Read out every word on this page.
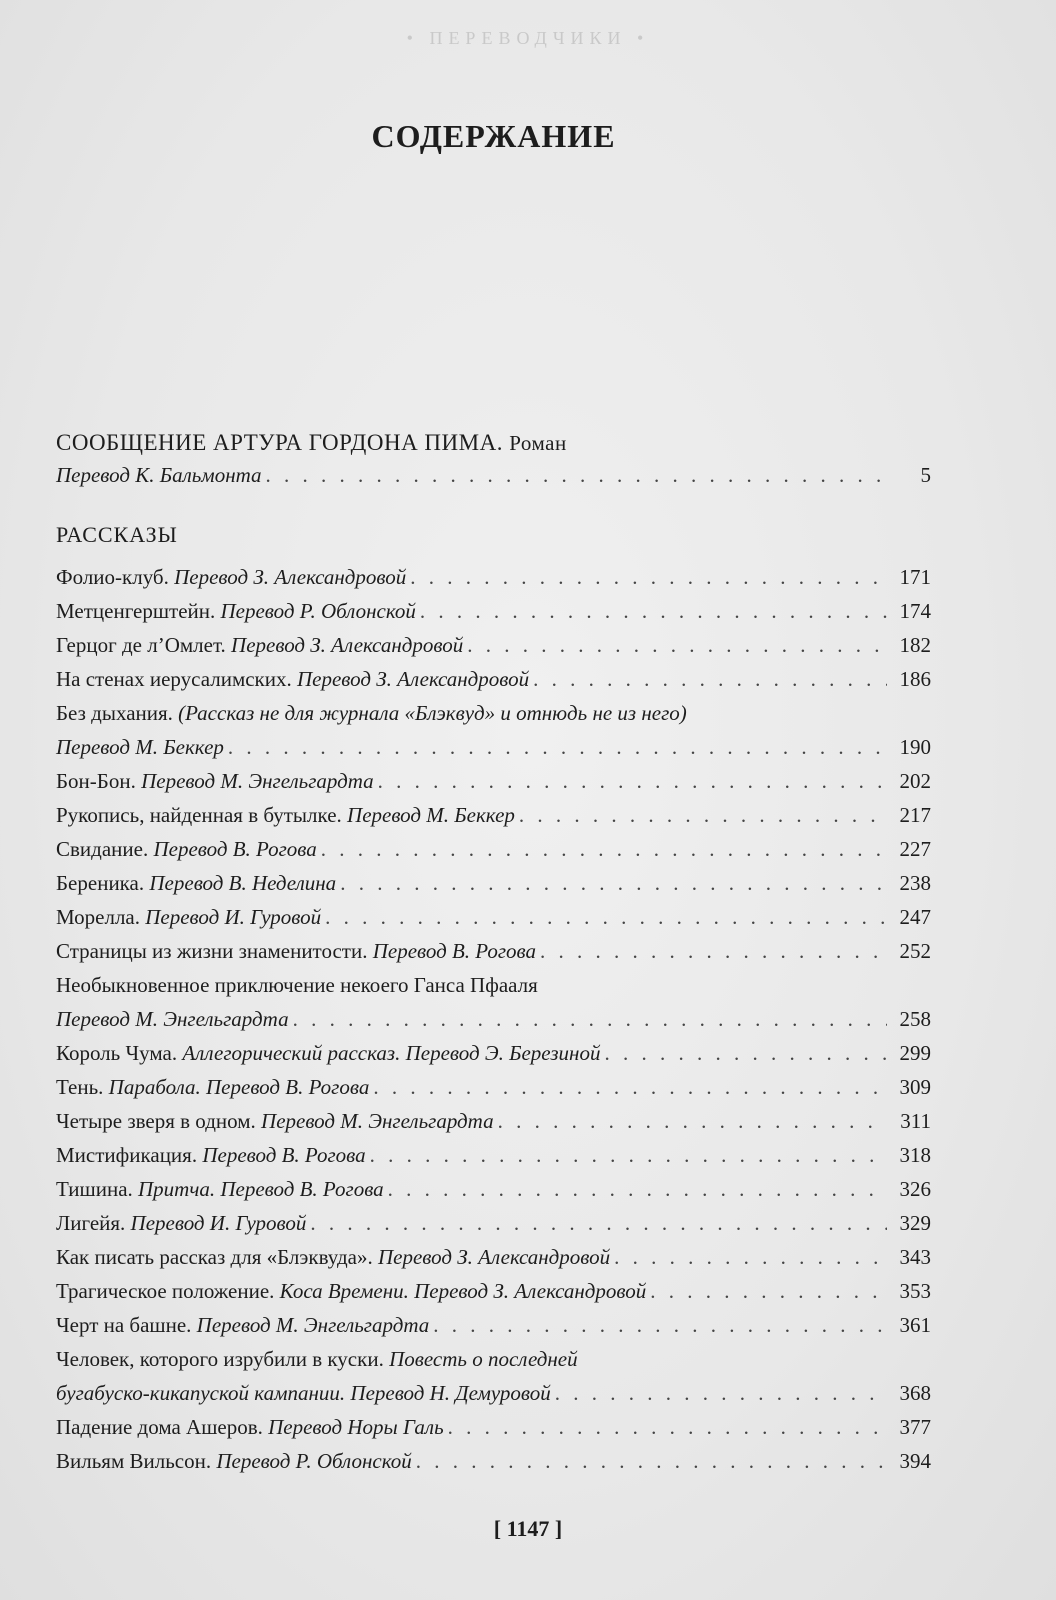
• ПЕРЕВОДЧИКИ •
СОДЕРЖАНИЕ
СООБЩЕНИЕ АРТУРА ГОРДОНА ПИМА. Роман
Перевод К. Бальмонта . . .	5
РАССКАЗЫ
Фолио-клуб. Перевод З. Александровой . . .	171
Метценгерштейн. Перевод Р. Облонской . . .	174
Герцог де л’Омлет. Перевод З. Александровой . . .	182
На стенах иерусалимских. Перевод З. Александровой . . .	186
Без дыхания. (Рассказ не для журнала «Блэквуд» и отнюдь не из него)
Перевод М. Беккер . . .	190
Бон-Бон. Перевод М. Энгельгардта . . .	202
Рукопись, найденная в бутылке. Перевод М. Беккер . . .	217
Свидание. Перевод В. Рогова . . .	227
Береника. Перевод В. Неделина . . .	238
Морелла. Перевод И. Гуровой . . .	247
Страницы из жизни знаменитости. Перевод В. Рогова . . .	252
Необыкновенное приключение некоего Ганса Пфааля
Перевод М. Энгельгардта . . .	258
Король Чума. Аллегорический рассказ. Перевод Э. Березиной . . .	299
Тень. Парабола. Перевод В. Рогова . . .	309
Четыре зверя в одном. Перевод М. Энгельгардта . . .	311
Мистификация. Перевод В. Рогова . . .	318
Тишина. Притча. Перевод В. Рогова . . .	326
Лигейя. Перевод И. Гуровой . . .	329
Как писать рассказ для «Блэквуда». Перевод З. Александровой . . .	343
Трагическое положение. Коса Времени. Перевод З. Александровой . . .	353
Черт на башне. Перевод М. Энгельгардта . . .	361
Человек, которого изрубили в куски. Повесть о последней
бугабуско-кикапуской кампании. Перевод Н. Демуровой . . .	368
Падение дома Ашеров. Перевод Норы Галь . . .	377
Вильям Вильсон. Перевод Р. Облонской . . .	394
[ 1147 ]
